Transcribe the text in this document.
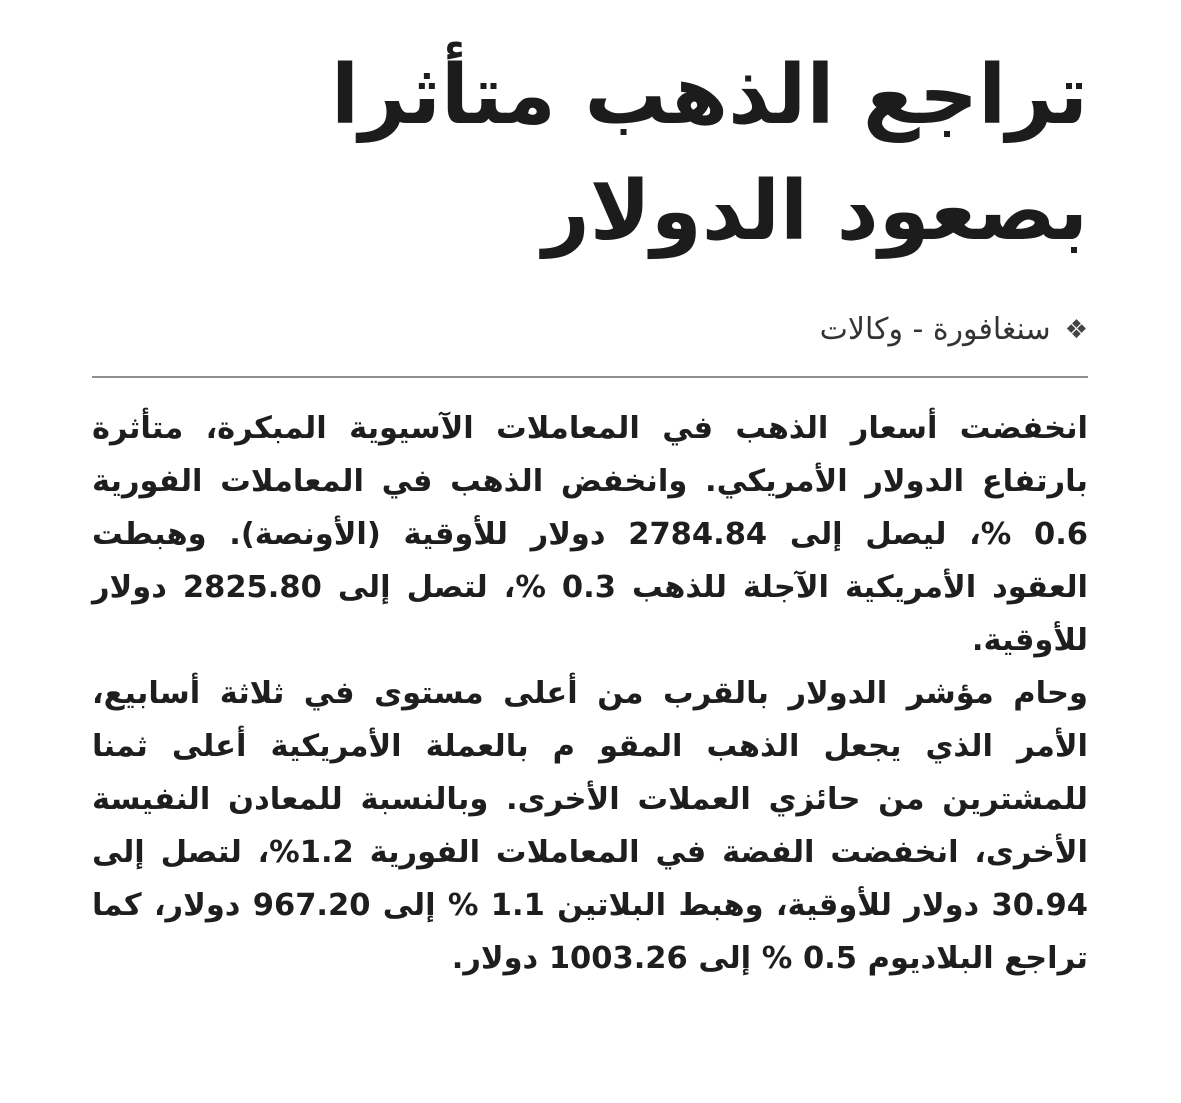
تراجع الذهب متأثرا
بصعود الدولار
❖
سنغافورة - وكالات

انخفضت أسعار الذهب في المعاملات الآسيوية المبكرة، متأثرة بارتفاع الدولار الأمريكي. وانخفض الذهب في المعاملات الفورية 0.6 %، ليصل إلى 2784.84 دولار للأوقية (الأونصة). وهبطت العقود الأمريكية الآجلة للذهب 0.3 %، لتصل إلى 2825.80 دولار للأوقية.

وحام مؤشر الدولار بالقرب من أعلى مستوى في ثلاثة أسابيع، الأمر الذي يجعل الذهب المقو م بالعملة الأمريكية أعلى ثمنا للمشترين من حائزي العملات الأخرى. وبالنسبة للمعادن النفيسة الأخرى، انخفضت الفضة في المعاملات الفورية 1.2%، لتصل إلى 30.94 دولار للأوقية، وهبط البلاتين 1.1 % إلى 967.20 دولار، كما تراجع البلاديوم 0.5 % إلى 1003.26 دولار.
